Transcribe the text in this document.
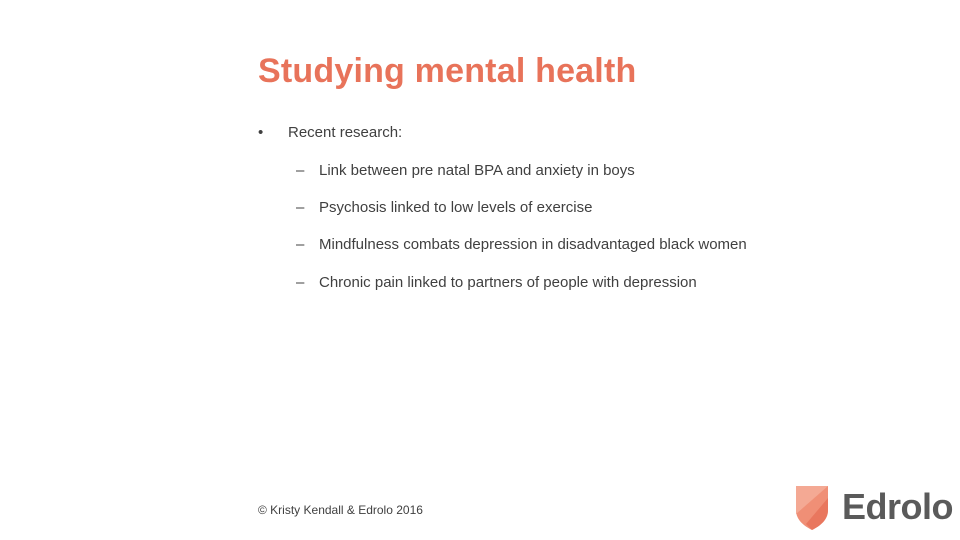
Studying mental health
•	Recent research:
– Link between pre natal BPA and anxiety in boys
– Psychosis linked to low levels of exercise
– Mindfulness combats depression in disadvantaged black women
– Chronic pain linked to partners of people with depression
© Kristy Kendall & Edrolo 2016	Edrolo
